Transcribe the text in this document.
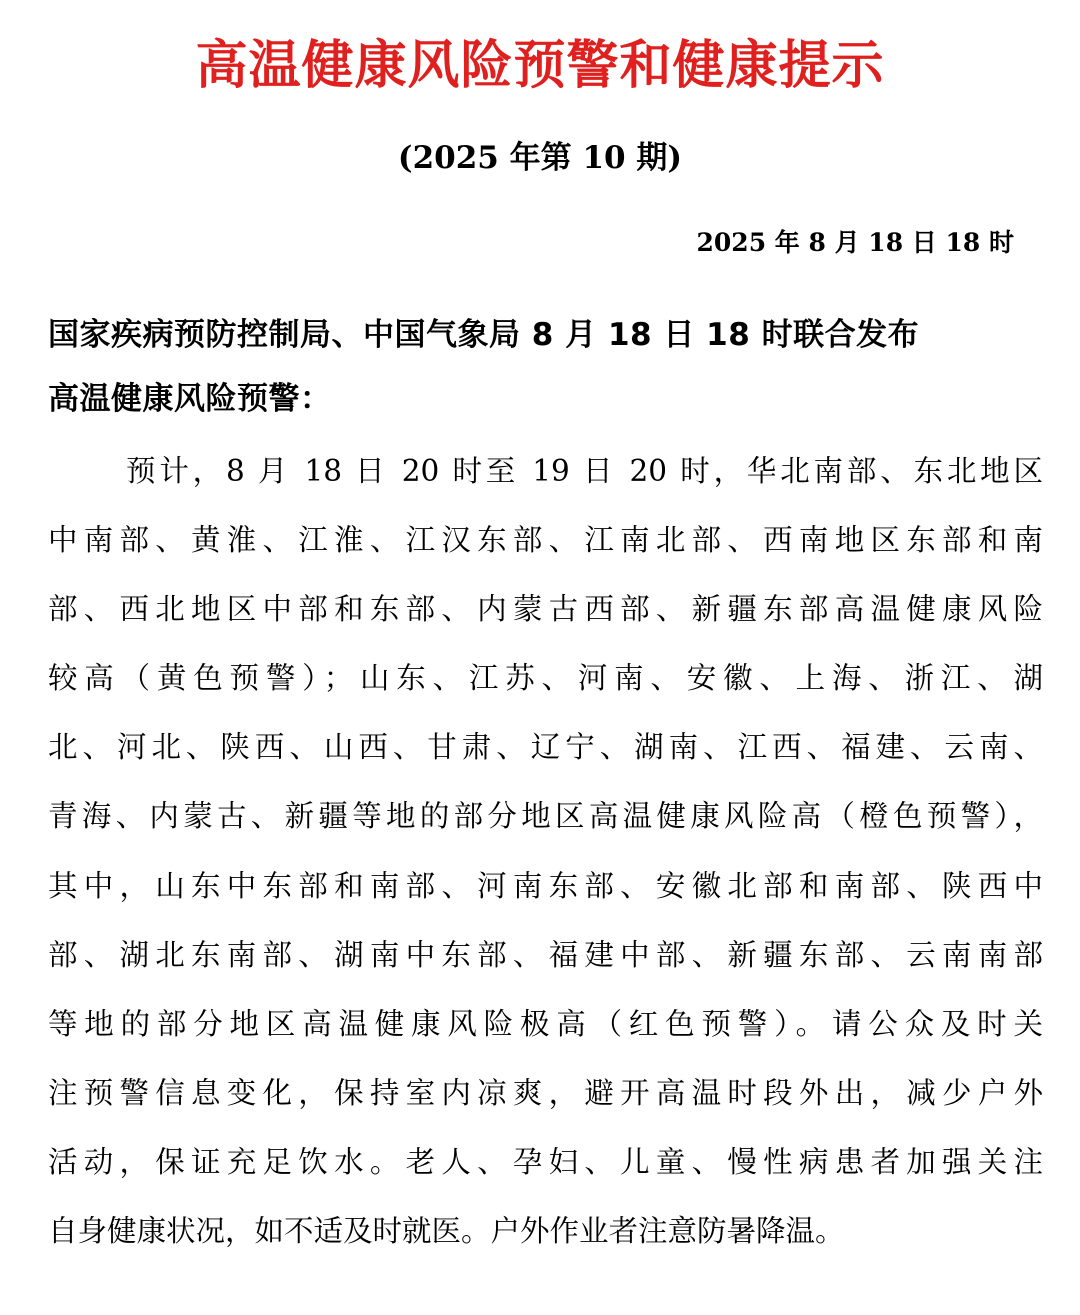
高温健康风险预警和健康提示
(2025 年第 10 期)
2025 年 8 月 18 日 18 时
国家疾病预防控制局、中国气象局 8 月 18 日 18 时联合发布
高温健康风险预警：
预计，8 月 18 日 20 时至 19 日 20 时，华北南部、东北地区
中南部、黄淮、江淮、江汉东部、江南北部、西南地区东部和南
部、西北地区中部和东部、内蒙古西部、新疆东部高温健康风险
较高（黄色预警）；山东、江苏、河南、安徽、上海、浙江、湖
北、河北、陕西、山西、甘肃、辽宁、湖南、江西、福建、云南、
青海、内蒙古、新疆等地的部分地区高温健康风险高（橙色预警），
其中，山东中东部和南部、河南东部、安徽北部和南部、陕西中
部、湖北东南部、湖南中东部、福建中部、新疆东部、云南南部
等地的部分地区高温健康风险极高（红色预警）。请公众及时关
注预警信息变化，保持室内凉爽，避开高温时段外出，减少户外
活动，保证充足饮水。老人、孕妇、儿童、慢性病患者加强关注
自身健康状况，如不适及时就医。户外作业者注意防暑降温。
